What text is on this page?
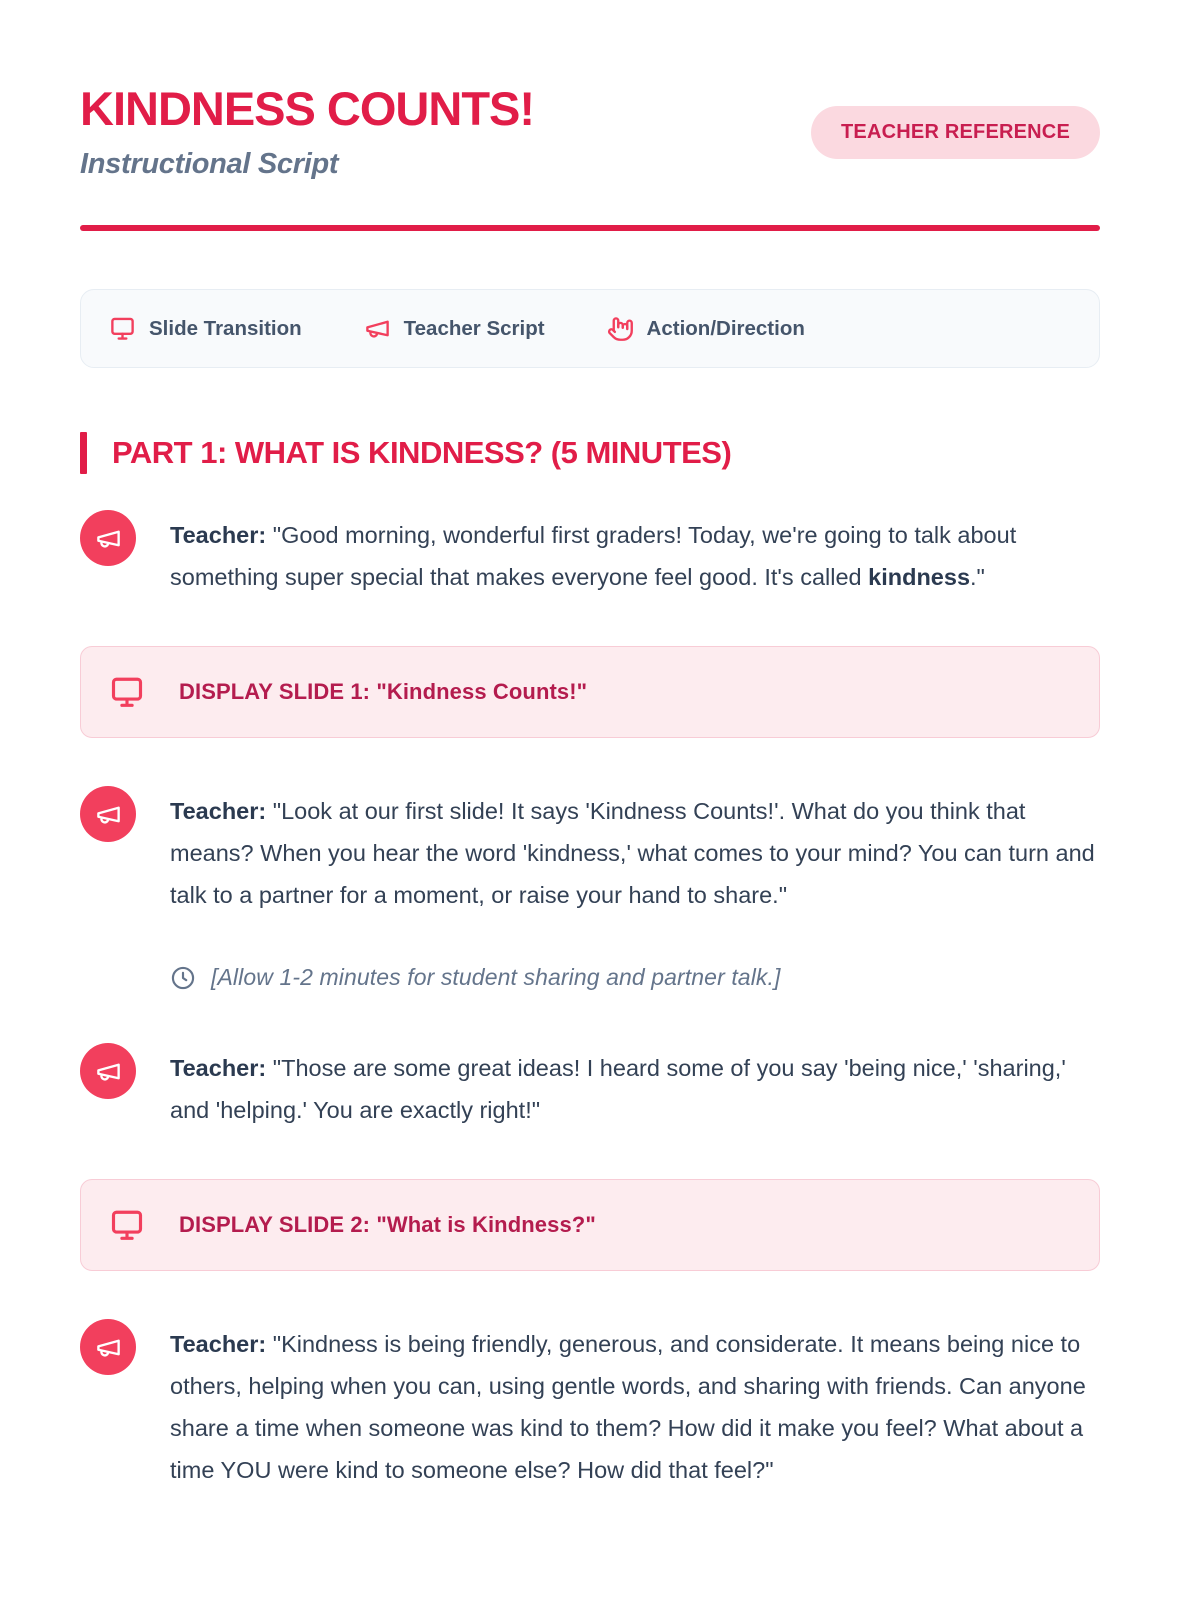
KINDNESS COUNTS!
Instructional Script
TEACHER REFERENCE
Slide Transition	Teacher Script	Action/Direction
PART 1: WHAT IS KINDNESS? (5 MINUTES)

Teacher: "Good morning, wonderful first graders! Today, we're going to talk about something super special that makes everyone feel good. It's called kindness."

DISPLAY SLIDE 1: "Kindness Counts!"

Teacher: "Look at our first slide! It says 'Kindness Counts!'. What do you think that means? When you hear the word 'kindness,' what comes to your mind? You can turn and talk to a partner for a moment, or raise your hand to share."

[Allow 1-2 minutes for student sharing and partner talk.]

Teacher: "Those are some great ideas! I heard some of you say 'being nice,' 'sharing,' and 'helping.' You are exactly right!"

DISPLAY SLIDE 2: "What is Kindness?"

Teacher: "Kindness is being friendly, generous, and considerate. It means being nice to others, helping when you can, using gentle words, and sharing with friends. Can anyone share a time when someone was kind to them? How did it make you feel? What about a time YOU were kind to someone else? How did that feel?"
